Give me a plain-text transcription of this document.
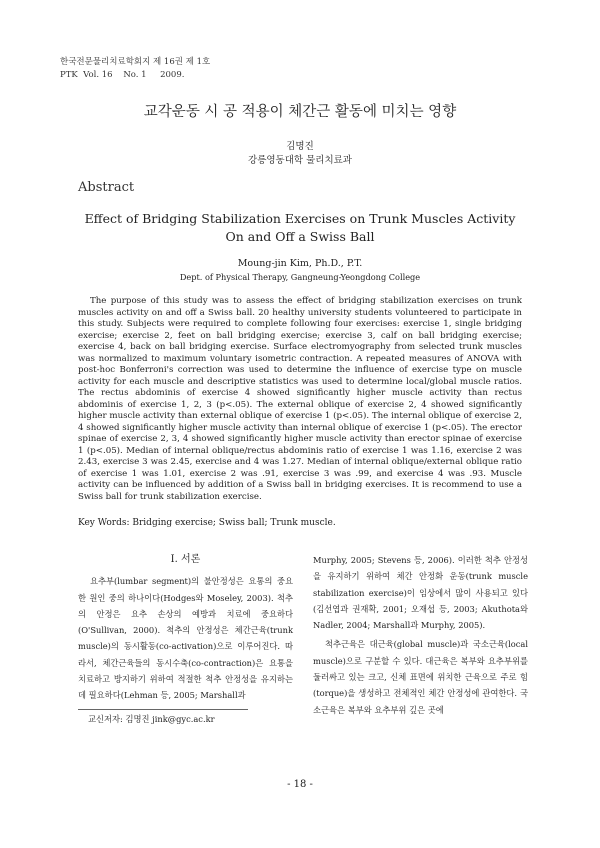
한국전문물리치료학회지 제 16권 제 1호
PTK  Vol. 16    No. 1     2009.
교각운동 시 공 적용이 체간근 활동에 미치는 영향
김명진
강릉영동대학 물리치료과
Abstract
Effect of Bridging Stabilization Exercises on Trunk Muscles Activity
On and Off a Swiss Ball
Moung-jin Kim, Ph.D., P.T.
Dept. of Physical Therapy, Gangneung-Yeongdong College

The purpose of this study was to assess the effect of bridging stabilization exercises on trunk muscles activity on and off a Swiss ball. 20 healthy university students volunteered to participate in this study. Subjects were required to complete following four exercises: exercise 1, single bridging exercise; exercise 2, feet on ball bridging exercise; exercise 3, calf on ball bridging exercise; exercise 4, back on ball bridging exercise. Surface electromyography from selected trunk muscles was normalized to maximum voluntary isometric contraction. A repeated measures of ANOVA with post-hoc Bonferroni's correction was used to determine the influence of exercise type on muscle activity for each muscle and descriptive statistics was used to determine local/global muscle ratios. The rectus abdominis of exercise 4 showed significantly higher muscle activity than rectus abdominis of exercise 1, 2, 3 (p<.05). The external oblique of exercise 2, 4 showed significantly higher muscle activity than external oblique of exercise 1 (p<.05). The internal oblique of exercise 2, 4 showed significantly higher muscle activity than internal oblique of exercise 1 (p<.05). The erector spinae of exercise 2, 3, 4 showed significantly higher muscle activity than erector spinae of exercise 1 (p<.05). Median of internal oblique/rectus abdominis ratio of exercise 1 was 1.16, exercise 2 was 2.43, exercise 3 was 2.45, exercise and 4 was 1.27. Median of internal oblique/external oblique ratio of exercise 1 was 1.01, exercise 2 was .91, exercise 3 was .99, and exercise 4 was .93. Muscle activity can be influenced by addition of a Swiss ball in bridging exercises. It is recommend to use a Swiss ball for trunk stabilization exercise.

Key Words: Bridging exercise; Swiss ball; Trunk muscle.
I. 서론

요추부(lumbar segment)의 불안정성은 요통의 중요한 원인 중의 하나이다(Hodges와 Moseley, 2003). 척추의 안정은 요추 손상의 예방과 치료에 중요하다(O'Sullivan, 2000). 척추의 안정성은 체간근육(trunk muscle)의 동시활동(co-activation)으로 이루어진다. 따라서, 체간근육들의 동시수축(co-contraction)은 요통을 치료하고 방지하기 위하여 적절한 척추 안정성을 유지하는데 필요하다(Lehman 등, 2005; Marshall과

Murphy, 2005; Stevens 등, 2006). 이러한 척추 안정성을 유지하기 위하여 체간 안정화 운동(trunk muscle stabilization exercise)이 임상에서 많이 사용되고 있다(김선엽과 권재확, 2001; 오재섭 등, 2003; Akuthota와 Nadler, 2004; Marshall과 Murphy, 2005).

척추근육은 대근육(global muscle)과 국소근육(local muscle)으로 구분할 수 있다. 대근육은 복부와 요추부위를 둘러싸고 있는 크고, 신체 표면에 위치한 근육으로 주로 힘(torque)을 생성하고 전체적인 체간 안정성에 관여한다. 국소근육은 복부와 요추부위 깊은 곳에

교신저자: 김명진 jink@gyc.ac.kr
- 18 -
